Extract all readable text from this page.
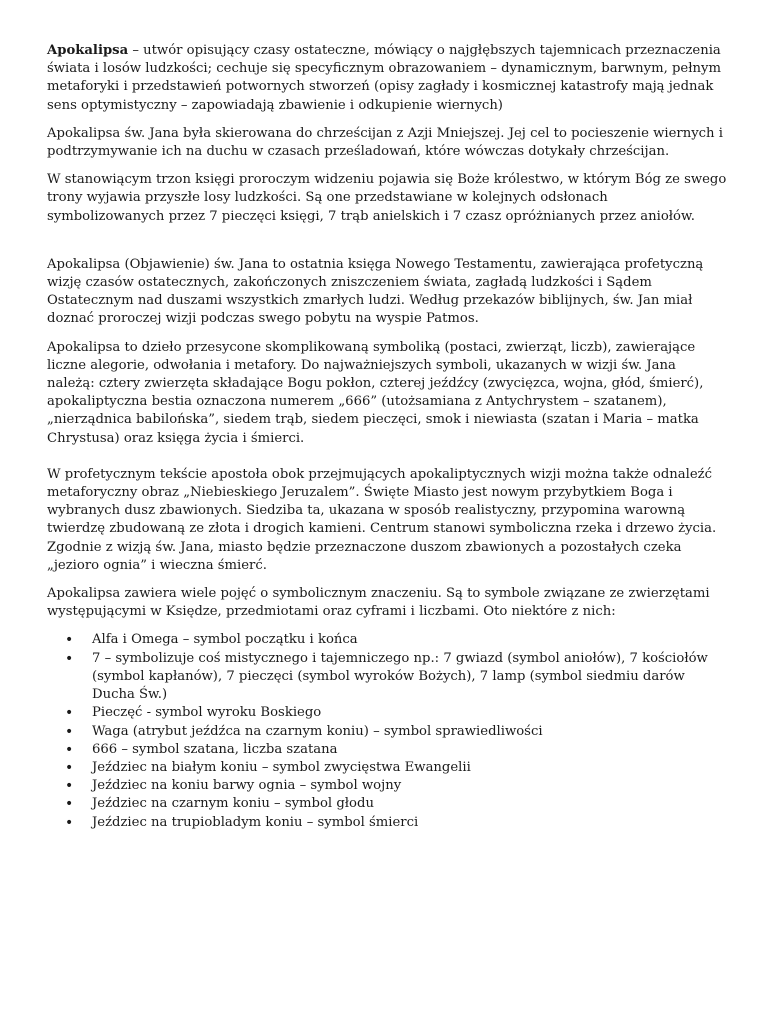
Apokalipsa – utwór opisujący czasy ostateczne, mówiący o najgłębszych tajemnicach przeznaczenia świata i losów ludzkości; cechuje się specyficznym obrazowaniem – dynamicznym, barwnym, pełnym metaforyki i przedstawień potwornych stworzeń (opisy zagłady i kosmicznej katastrofy mają jednak sens optymistyczny – zapowiadają zbawienie i odkupienie wiernych)

Apokalipsa św. Jana była skierowana do chrześcijan z Azji Mniejszej. Jej cel to pocieszenie wiernych i podtrzymywanie ich na duchu w czasach prześladowań, które wówczas dotykały chrześcijan.

W stanowiącym trzon księgi proroczym widzeniu pojawia się Boże królestwo, w którym Bóg ze swego trony wyjawia przyszłe losy ludzkości. Są one przedstawiane w kolejnych odsłonach symbolizowanych przez 7 pieczęci księgi, 7 trąb anielskich i 7 czasz opróżnianych przez aniołów.

Apokalipsa (Objawienie) św. Jana to ostatnia księga Nowego Testamentu, zawierająca profetyczną wizję czasów ostatecznych, zakończonych zniszczeniem świata, zagładą ludzkości i Sądem Ostatecznym nad duszami wszystkich zmarłych ludzi. Według przekazów biblijnych, św. Jan miał doznać proroczej wizji podczas swego pobytu na wyspie Patmos.

Apokalipsa to dzieło przesycone skomplikowaną symboliką (postaci, zwierząt, liczb), zawierające liczne alegorie, odwołania i metafory. Do najważniejszych symboli, ukazanych w wizji św. Jana należą: cztery zwierzęta składające Bogu pokłon, czterej jeźdźcy (zwycięzca, wojna, głód, śmierć), apokaliptyczna bestia oznaczona numerem „666” (utożsamiana z Antychrystem – szatanem), „nierządnica babilońska”, siedem trąb, siedem pieczęci, smok i niewiasta (szatan i Maria – matka Chrystusa) oraz księga życia i śmierci.

W profetycznym tekście apostoła obok przejmujących apokaliptycznych wizji można także odnaleźć metaforyczny obraz „Niebieskiego Jeruzalem”. Święte Miasto jest nowym przybytkiem Boga i wybranych dusz zbawionych. Siedziba ta, ukazana w sposób realistyczny, przypomina warowną twierdzę zbudowaną ze złota i drogich kamieni. Centrum stanowi symboliczna rzeka i drzewo życia. Zgodnie z wizją św. Jana, miasto będzie przeznaczone duszom zbawionych a pozostałych czeka „jezioro ognia” i wieczna śmierć.

Apokalipsa zawiera wiele pojęć o symbolicznym znaczeniu. Są to symbole związane ze zwierzętami występującymi w Księdze, przedmiotami oraz cyframi i liczbami. Oto niektóre z nich:

• Alfa i Omega – symbol początku i końca
• 7 – symbolizuje coś mistycznego i tajemniczego np.: 7 gwiazd (symbol aniołów), 7 kościołów (symbol kapłanów), 7 pieczęci (symbol wyroków Bożych), 7 lamp (symbol siedmiu darów Ducha Św.)
• Pieczęć - symbol wyroku Boskiego
• Waga (atrybut jeźdźca na czarnym koniu) – symbol sprawiedliwości
• 666 – symbol szatana, liczba szatana
• Jeździec na białym koniu – symbol zwycięstwa Ewangelii
• Jeździec na koniu barwy ognia – symbol wojny
• Jeździec na czarnym koniu – symbol głodu
• Jeździec na trupiobladym koniu – symbol śmierci
